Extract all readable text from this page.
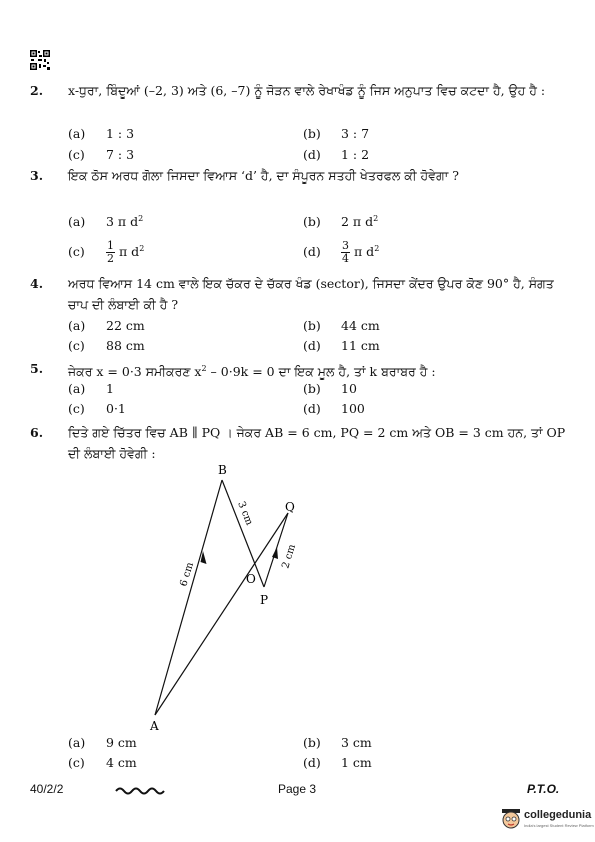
2. x-ਧੁਰਾ, ਬਿੰਦੂਆਂ (–2, 3) ਅਤੇ (6, –7) ਨੂੰ ਜੋੜਨ ਵਾਲੇ ਰੇਖਾਖੰਡ ਨੂੰ ਜਿਸ ਅਨੁਪਾਤ ਵਿਚ ਕਟਦਾ ਹੈ, ਉਹ ਹੈ :
(a) 1 : 3	(b) 3 : 7
(c) 7 : 3	(d) 1 : 2
3. ਇਕ ਠੋਸ ਅਰਧ ਗੋਲਾ ਜਿਸਦਾ ਵਿਆਸ ‘d’ ਹੈ, ਦਾ ਸੰਪੂਰਨ ਸਤਹੀ ਖੇਤਰਫਲ ਕੀ ਹੋਵੇਗਾ ?
(a) 3 π $d^2$	(b) 2 π $d^2$
$(c) \frac{1}{2}$ π $d^2$	$(d) \frac{3}{4}$ π $d^2$
4. ਅਰਧ ਵਿਆਸ 14 cm ਵਾਲੇ ਇਕ ਚੱਕਰ ਦੇ ਚੱਕਰ ਖੰਡ (sector), ਜਿਸਦਾ ਕੇਂਦਰ ਉਪਰ ਕੋਣ 90° ਹੈ, ਸੰਗਤ ਚਾਪ ਦੀ ਲੰਬਾਈ ਕੀ ਹੈ ?
(a) 22 cm	(b) 44 cm
(c) 88 cm	(d) 11 cm
5. ਜੇਕਰ x = 0·3 ਸਮੀਕਰਣ $x^2 - 0\cdot 9k = 0$ ਦਾ ਇਕ ਮੂਲ ਹੈ, ਤਾਂ k ਬਰਾਬਰ ਹੈ :
(a) 1	(b) 10
(c) 0·1	(d) 100
6. ਦਿਤੇ ਗਏ ਚਿੱਤਰ ਵਿਚ AB ∥ PQ । ਜੇਕਰ AB = 6 cm, PQ = 2 cm ਅਤੇ OB = 3 cm ਹਨ, ਤਾਂ OP ਦੀ ਲੰਬਾਈ ਹੋਵੇਗੀ :
B
A
Q
P
O
6 cm
3 cm
2 cm
(a) 9 cm	(b) 3 cm
(c) 4 cm	(d) 1 cm
40/2/2	Page 3	P.T.O.
collegedunia
India's largest Student Review Platform
